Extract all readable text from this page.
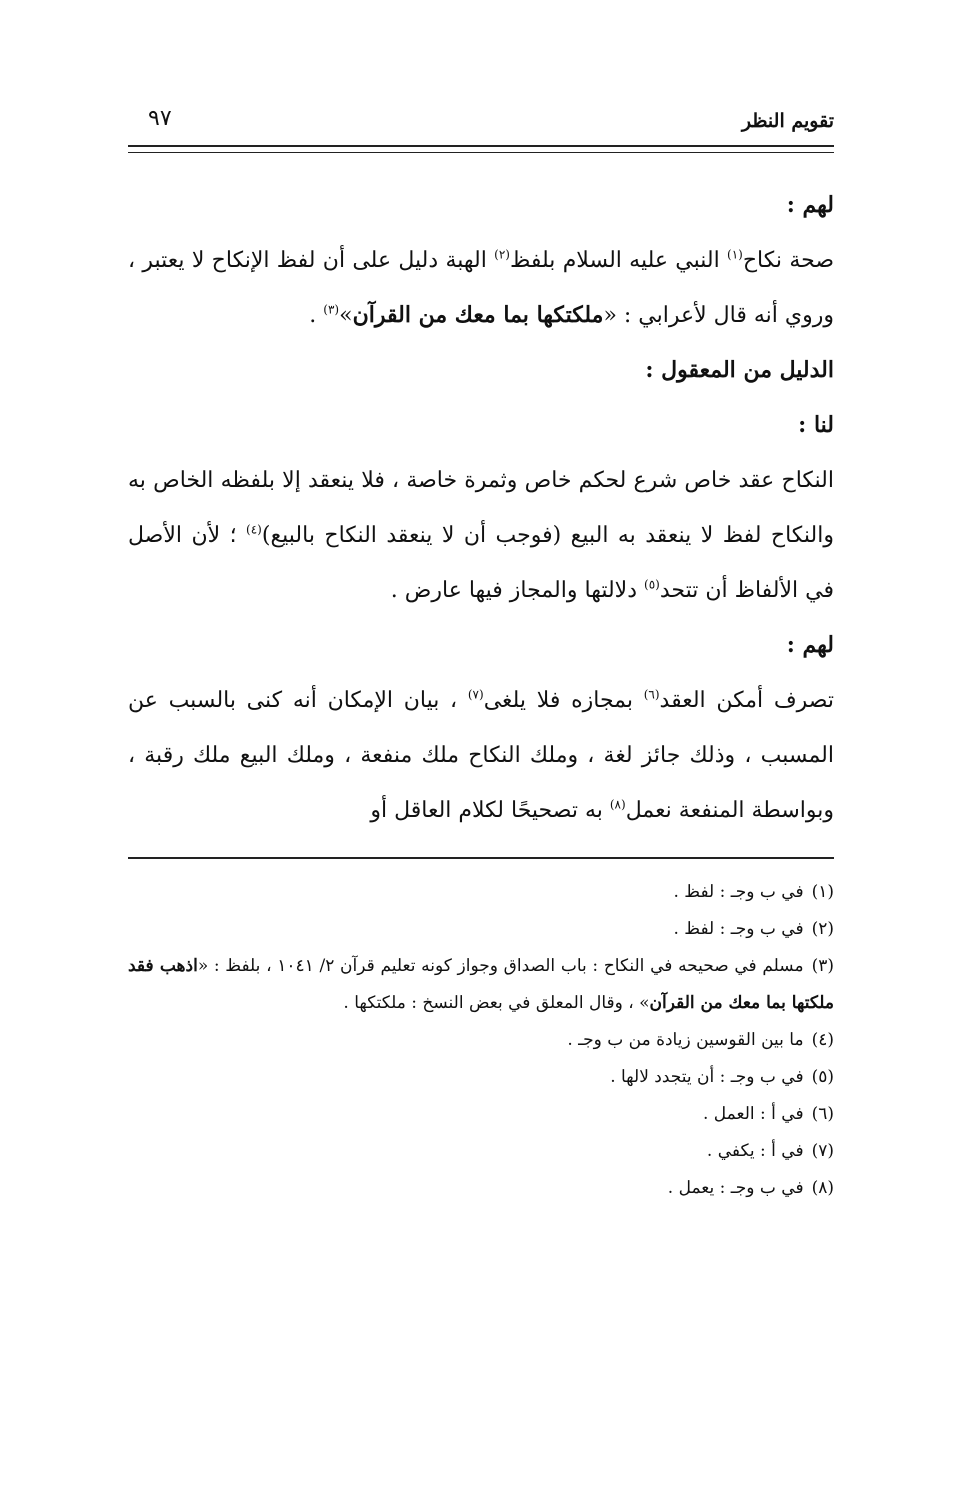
٩٧	تقويم النظر
لهم :

صحة نكاح$^{(١)}$ النبي عليه السلام بلفظ$^{(٢)}$ الهبة دليل على أن لفظ الإنكاح لا يعتبر ، وروي أنه قال لأعرابي : «ملكتكها بما معك من القرآن»$^{(٣)}$ .

الدليل من المعقول :
لنا :

النكاح عقد خاص شرع لحكم خاص وثمرة خاصة ، فلا ينعقد إلا بلفظه الخاص به والنكاح لفظ لا ينعقد به البيع (فوجب أن لا ينعقد النكاح بالبيع)$^{(٤)}$ ؛ لأن الأصل في الألفاظ أن تتحد$^{(٥)}$ دلالتها والمجاز فيها عارض .

لهم :

تصرف أمكن العقد$^{(٦)}$ بمجازه فلا يلغى$^{(٧)}$ ، بيان الإمكان أنه كنى بالسبب عن المسبب ، وذلك جائز لغة ، وملك النكاح ملك منفعة ، وملك البيع ملك رقبة ، وبواسطة المنفعة نعمل$^{(٨)}$ به تصحيحًا لكلام العاقل أو

(١)في ب وجـ : لفظ .

(٢)في ب وجـ : لفظ .

(٣)مسلم في صحيحه في النكاح : باب الصداق وجواز كونه تعليم قرآن ٢/ ١٠٤١ ، بلفظ : «اذهب فقد ملكتها بما معك من القرآن» ، وقال المعلق في بعض النسخ : ملكتكها .

(٤)ما بين القوسين زيادة من ب وجـ .

(٥)في ب وجـ : أن يتجدد لالها .

(٦)في أ : العمل .

(٧)في أ : يكفي .

(٨)في ب وجـ : يعمل .
